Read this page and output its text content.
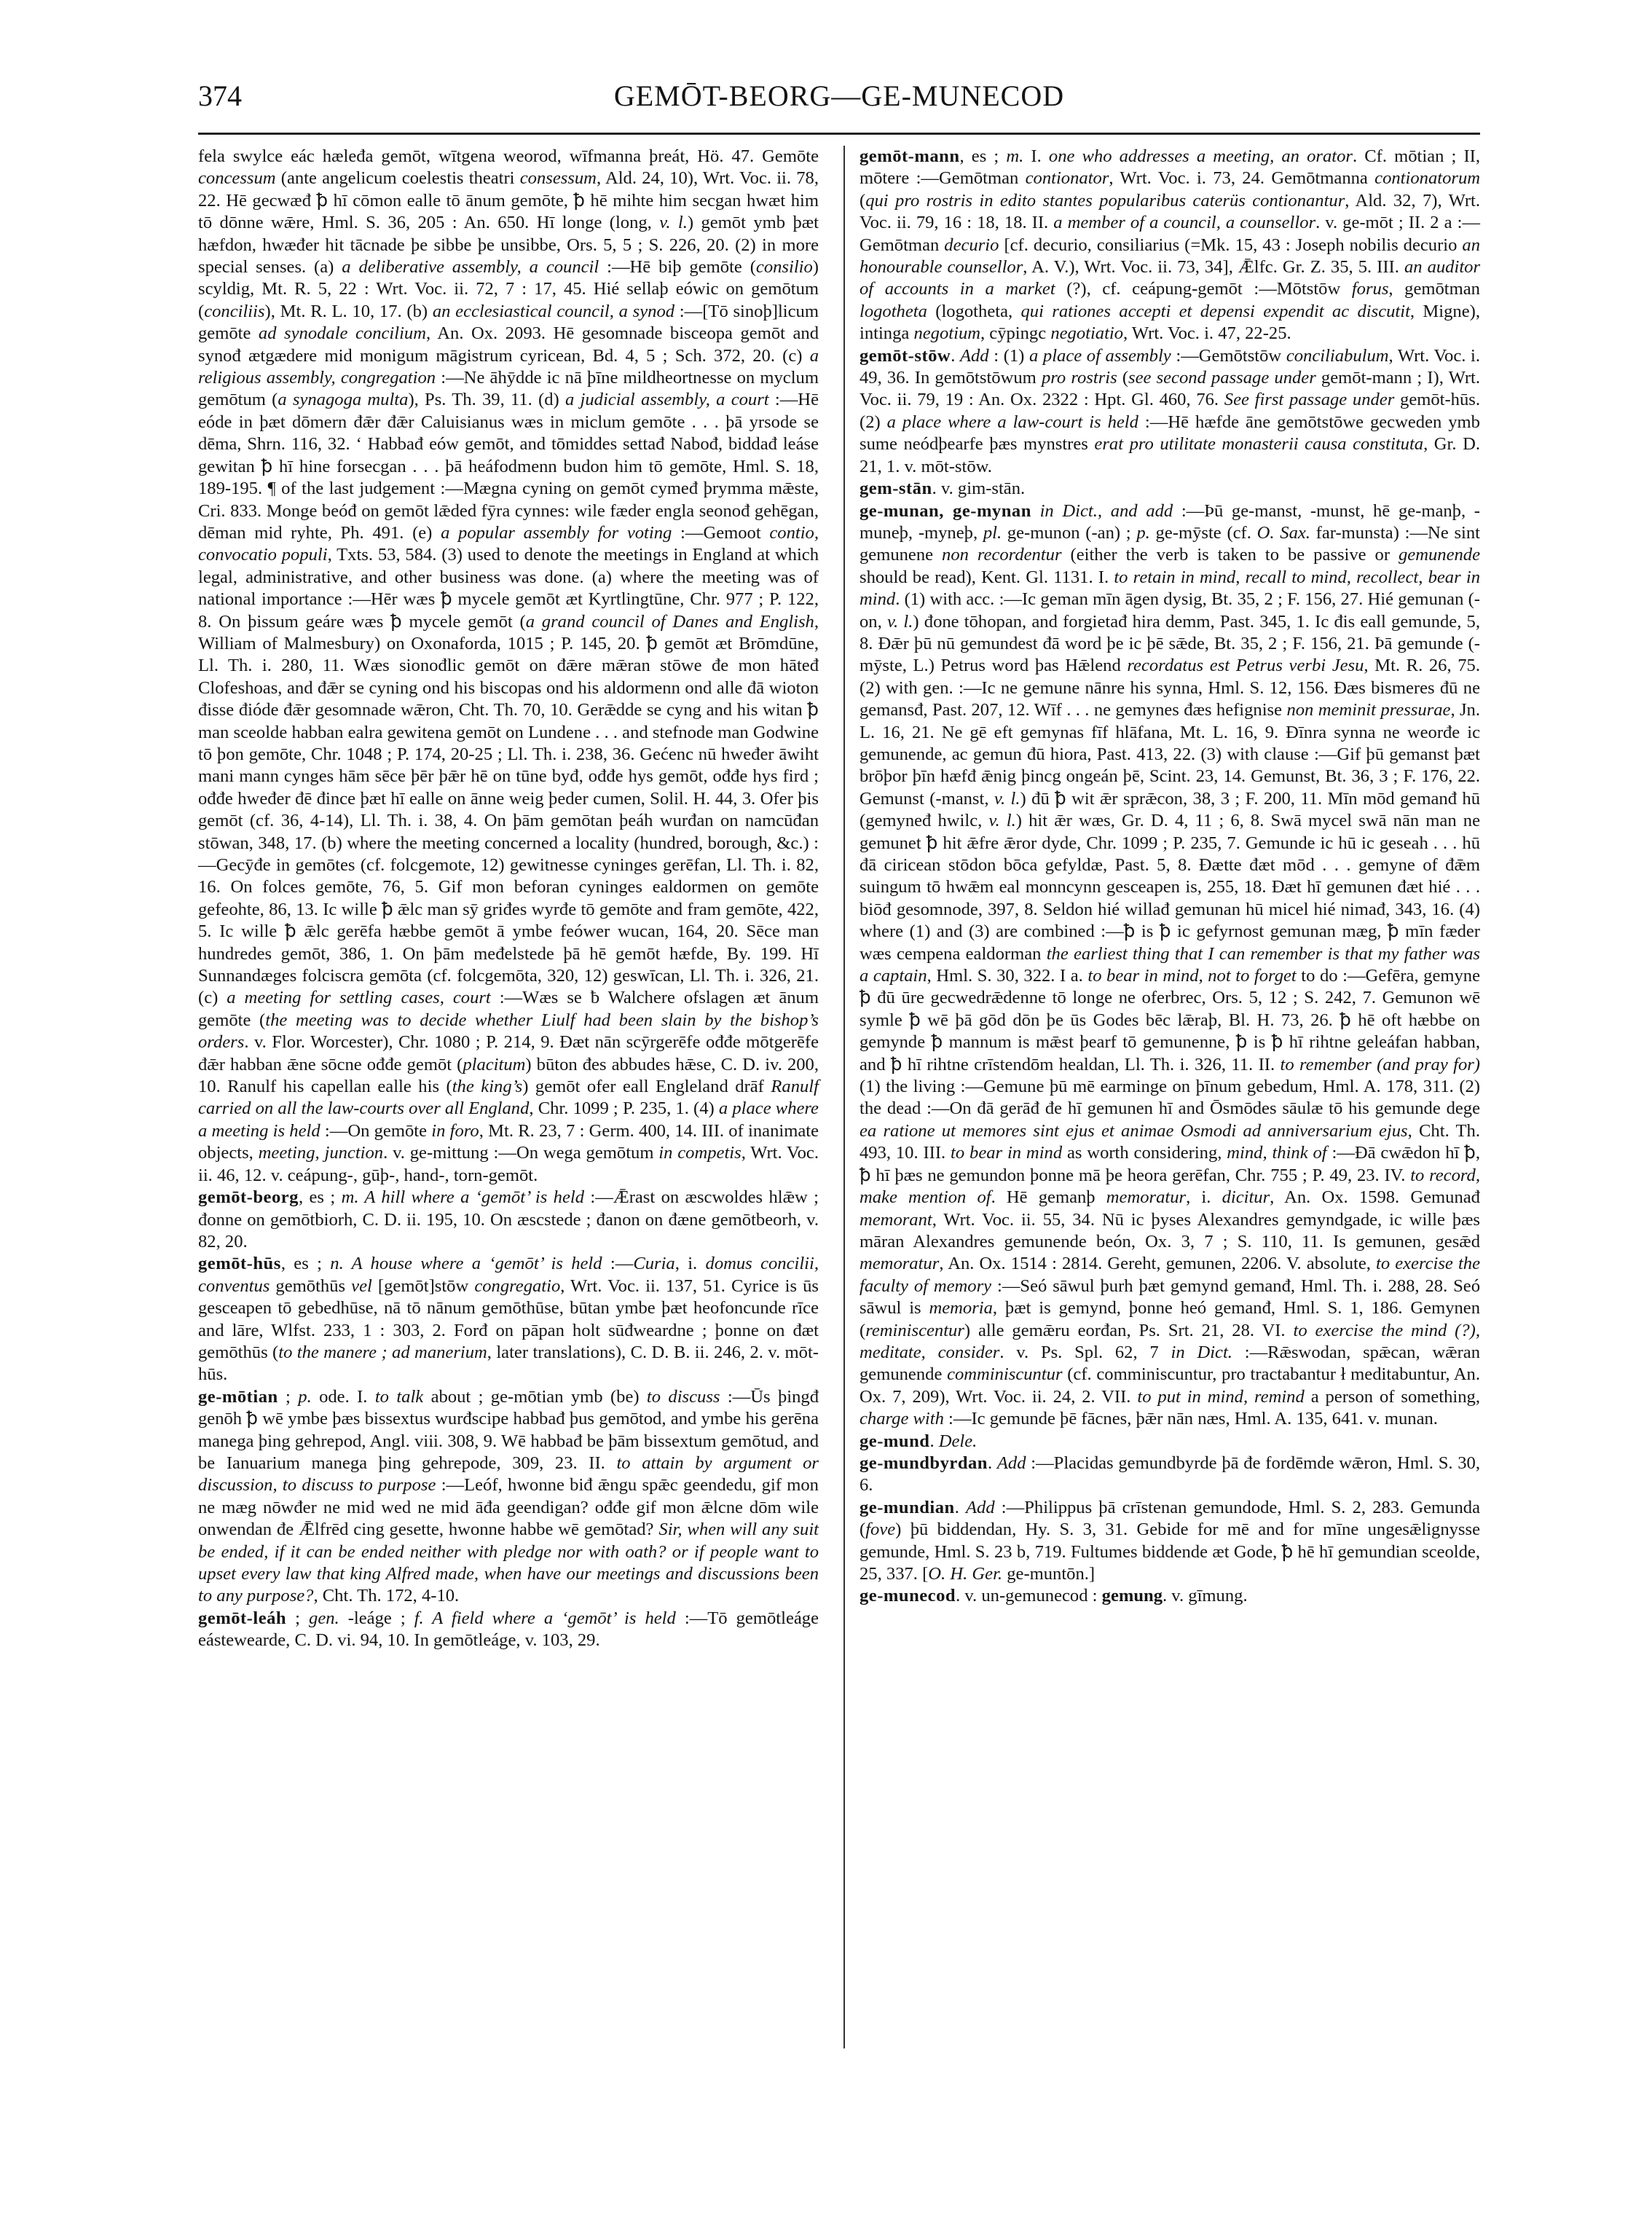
374	GEMŌT-BEORG—GE-MUNECOD
fela swylce eác hæleđa gemōt, wītgena weorod, wīfmanna þreát, Hö. 47. Gemōte concessum (ante angelicum coelestis theatri consessum, Ald. 24, 10), Wrt. Voc. ii. 78, 22. Hē gecwæđ ꝥ hī cōmon ealle tō ānum gemōte, ꝥ hē mihte him secgan hwæt him tō dōnne wǣre, Hml. S. 36, 205 : An. 650. Hī longe (long, v. l.) gemōt ymb þæt hæfdon, hwæđer hit tācnade þe sibbe þe unsibbe, Ors. 5, 5 ; S. 226, 20. (2) in more special senses. (a) a deliberative assembly, a council :—Hē biþ gemōte (consilio) scyldig, Mt. R. 5, 22 : Wrt. Voc. ii. 72, 7 : 17, 45. Hié sellaþ eówic on gemōtum (conciliis), Mt. R. L. 10, 17. (b) an ecclesiastical council, a synod :—[Tō sinoþ]licum gemōte ad synodale concilium, An. Ox. 2093. Hē gesomnade bisceopa gemōt and synođ ætgædere mid monigum māgistrum cyricean, Bd. 4, 5 ; Sch. 372, 20. (c) a religious assembly, congregation :—Ne āhȳdde ic nā þīne mildheortnesse on myclum gemōtum (a synagoga multa), Ps. Th. 39, 11. (d) a judicial assembly, a court :—Hē eóde in þæt dōmern đǣr đǣr Caluisianus wæs in miclum gemōte . . . þā yrsode se dēma, Shrn. 116, 32. ‘ Habbađ eów gemōt, and tōmiddes settađ Nabođ, biddađ leáse gewitan ꝥ hī hine forsecgan . . . þā heáfodmenn budon him tō gemōte, Hml. S. 18, 189-195. ¶ of the last judgement :—Mægna cyning on gemōt cymeđ þrymma mǣste, Cri. 833. Monge beóđ on gemōt lǣded fȳra cynnes: wile fæder engla seonođ gehēgan, dēman mid ryhte, Ph. 491. (e) a popular assembly for voting :—Gemoot contio, convocatio populi, Txts. 53, 584. (3) used to denote the meetings in England at which legal, administrative, and other business was done. (a) where the meeting was of national importance :—Hēr wæs ꝥ mycele gemōt æt Kyrtlingtūne, Chr. 977 ; P. 122, 8. On þissum geáre wæs ꝥ mycele gemōt (a grand council of Danes and English, William of Malmesbury) on Oxonaforda, 1015 ; P. 145, 20. ꝥ gemōt æt Brōmdūne, Ll. Th. i. 280, 11. Wæs sionođlic gemōt on đǣre mǣran stōwe đe mon hāteđ Clofeshoas, and đǣr se cyning ond his biscopas ond his aldormenn ond alle đā wioton đisse đióde đǣr gesomnade wǣron, Cht. Th. 70, 10. Gerǣdde se cyng and his witan ꝥ man sceolde habban ealra gewitena gemōt on Lundene . . . and stefnode man Godwine tō þon gemōte, Chr. 1048 ; P. 174, 20-25 ; Ll. Th. i. 238, 36. Gećenc nū hweđer āwiht mani mann cynges hām sēce þēr þǣr hē on tūne byđ, ođđe hys gemōt, ođđe hys fird ; ođđe hweđer đē đince þæt hī ealle on ānne weig þeder cumen, Solil. H. 44, 3. Ofer þis gemōt (cf. 36, 4-14), Ll. Th. i. 38, 4. On þām gemōtan þeáh wurđan on namcūđan stōwan, 348, 17. (b) where the meeting concerned a locality (hundred, borough, &c.) :—Gecȳđe in gemōtes (cf. folcgemote, 12) gewitnesse cyninges gerēfan, Ll. Th. i. 82, 16. On folces gemōte, 76, 5. Gif mon beforan cyninges ealdormen on gemōte gefeohte, 86, 13. Ic wille ꝥ ǣlc man sȳ griđes wyrđe tō gemōte and fram gemōte, 422, 5. Ic wille ꝥ ǣlc gerēfa hæbbe gemōt ā ymbe feówer wucan, 164, 20. Sēce man hundredes gemōt, 386, 1. On þām međelstede þā hē gemōt hæfde, By. 199. Hī Sunnandæges folciscra gemōta (cf. folcgemōta, 320, 12) geswīcan, Ll. Th. i. 326, 21. (c) a meeting for settling cases, court :—Wæs se ƀ Walchere ofslagen æt ānum gemōte (the meeting was to decide whether Liulf had been slain by the bishop’s orders. v. Flor. Worcester), Chr. 1080 ; P. 214, 9. Đæt nān scȳrgerēfe ođđe mōtgerēfe đǣr habban ǣne sōcne ođđe gemōt (placitum) būton đes abbudes hǣse, C. D. iv. 200, 10. Ranulf his capellan ealle his (the king’s) gemōt ofer eall Engleland drāf Ranulf carried on all the law-courts over all England, Chr. 1099 ; P. 235, 1. (4) a place where a meeting is held :—On gemōte in foro, Mt. R. 23, 7 : Germ. 400, 14. III. of inanimate objects, meeting, junction. v. ge-mittung :—On wega gemōtum in competis, Wrt. Voc. ii. 46, 12. v. ceápung-, gūþ-, hand-, torn-gemōt.
gemōt-beorg, es ; m. A hill where a ‘gemōt’ is held :—Ǣrast on æscwoldes hlǣw ; đonne on gemōtbiorh, C. D. ii. 195, 10. On æscstede ; đanon on đæne gemōtbeorh, v. 82, 20.
gemōt-hūs, es ; n. A house where a ‘gemōt’ is held :—Curia, i. domus concilii, conventus gemōthūs vel [gemōt]stōw congregatio, Wrt. Voc. ii. 137, 51. Cyrice is ūs gesceapen tō gebedhūse, nā tō nānum gemōthūse, būtan ymbe þæt heofoncunde rīce and lāre, Wlfst. 233, 1 : 303, 2. Forđ on pāpan holt sūđweardne ; þonne on đæt gemōthūs (to the manere ; ad manerium, later translations), C. D. B. ii. 246, 2. v. mōt-hūs.
ge-mōtian ; p. ode. I. to talk about ; ge-mōtian ymb (be) to discuss :—Ūs þingđ genōh ꝥ wē ymbe þæs bissextus wurđscipe habbađ þus gemōtod, and ymbe his gerēna manega þing gehrepod, Angl. viii. 308, 9. Wē habbađ be þām bissextum gemōtud, and be Ianuarium manega þing gehrepode, 309, 23. II. to attain by argument or discussion, to discuss to purpose :—Leóf, hwonne biđ ǣngu spǣc geendedu, gif mon ne mæg nōwđer ne mid wed ne mid āđa geendigan? ođđe gif mon ǣlcne dōm wile onwendan đe Ǣlfrēd cing gesette, hwonne habbe wē gemōtad? Sir, when will any suit be ended, if it can be ended neither with pledge nor with oath? or if people want to upset every law that king Alfred made, when have our meetings and discussions been to any purpose?, Cht. Th. 172, 4-10.
gemōt-leáh ; gen. -leáge ; f. A field where a ‘gemōt’ is held :—Tō gemōtleáge eástewearde, C. D. vi. 94, 10. In gemōtleáge, v. 103, 29.
gemōt-mann, es ; m. I. one who addresses a meeting, an orator. Cf. mōtian ; II, mōtere :—Gemōtman contionator, Wrt. Voc. i. 73, 24. Gemōtmanna contionatorum (qui pro rostris in edito stantes popularibus caterüs contionantur, Ald. 32, 7), Wrt. Voc. ii. 79, 16 : 18, 18. II. a member of a council, a counsellor. v. ge-mōt ; II. 2 a :—Gemōtman decurio [cf. decurio, consiliarius (=Mk. 15, 43 : Joseph nobilis decurio an honourable counsellor, A. V.), Wrt. Voc. ii. 73, 34], Ǣlfc. Gr. Z. 35, 5. III. an auditor of accounts in a market (?), cf. ceápung-gemōt :—Mōtstōw forus, gemōtman logotheta (logotheta, qui rationes accepti et depensi expendit ac discutit, Migne), intinga negotium, cȳpingc negotiatio, Wrt. Voc. i. 47, 22-25.
gemōt-stōw. Add : (1) a place of assembly :—Gemōtstōw conciliabulum, Wrt. Voc. i. 49, 36. In gemōtstōwum pro rostris (see second passage under gemōt-mann ; I), Wrt. Voc. ii. 79, 19 : An. Ox. 2322 : Hpt. Gl. 460, 76. See first passage under gemōt-hūs. (2) a place where a law-court is held :—Hē hæfde āne gemōtstōwe gecweden ymb sume neódþearfe þæs mynstres erat pro utilitate monasterii causa constituta, Gr. D. 21, 1. v. mōt-stōw.
gem-stān. v. gim-stān.
ge-munan, ge-mynan in Dict., and add :—Þū ge-manst, -munst, hē ge-manþ, -muneþ, -myneþ, pl. ge-munon (-an) ; p. ge-mȳste (cf. O. Sax. far-munsta) :—Ne sint gemunene non recordentur (either the verb is taken to be passive or gemunende should be read), Kent. Gl. 1131. I. to retain in mind, recall to mind, recollect, bear in mind. (1) with acc. :—Ic geman mīn āgen dysig, Bt. 35, 2 ; F. 156, 27. Hié gemunan (-on, v. l.) đone tōhopan, and forgietađ hira demm, Past. 345, 1. Ic đis eall gemunde, 5, 8. Đǣr þū nū gemundest đā word þe ic þē sǣde, Bt. 35, 2 ; F. 156, 21. Þā gemunde (-mȳste, L.) Petrus word þas Hǣlend recordatus est Petrus verbi Jesu, Mt. R. 26, 75. (2) with gen. :—Ic ne gemune nānre his synna, Hml. S. 12, 156. Đæs bismeres đū ne gemansđ, Past. 207, 12. Wīf . . . ne gemynes đæs hefignise non meminit pressurae, Jn. L. 16, 21. Ne gē eft gemynas fīf hlāfana, Mt. L. 16, 9. Đīnra synna ne weorđe ic gemunende, ac gemun đū hiora, Past. 413, 22. (3) with clause :—Gif þū gemanst þæt brōþor þīn hæfđ ǣnig þincg ongeán þē, Scint. 23, 14. Gemunst, Bt. 36, 3 ; F. 176, 22. Gemunst (-manst, v. l.) đū ꝥ wit ǣr sprǣcon, 38, 3 ; F. 200, 11. Mīn mōd gemanđ hū (gemyneđ hwilc, v. l.) hit ǣr wæs, Gr. D. 4, 11 ; 6, 8. Swā mycel swā nān man ne gemunet ꝥ hit ǣfre ǣror dyde, Chr. 1099 ; P. 235, 7. Gemunde ic hū ic geseah . . . hū đā ciricean stōdon bōca gefyldæ, Past. 5, 8. Đætte đæt mōd . . . gemyne of đǣm suingum tō hwǣm eal monncynn gesceapen is, 255, 18. Đæt hī gemunen đæt hié . . . biōđ gesomnode, 397, 8. Seldon hié willađ gemunan hū micel hié nimađ, 343, 16. (4) where (1) and (3) are combined :—ꝥ is ꝥ ic gefyrnost gemunan mæg, ꝥ mīn fæder wæs cempena ealdorman the earliest thing that I can remember is that my father was a captain, Hml. S. 30, 322. I a. to bear in mind, not to forget to do :—Gefēra, gemyne ꝥ đū ūre gecwedrǣdenne tō longe ne oferbrec, Ors. 5, 12 ; S. 242, 7. Gemunon wē symle ꝥ wē þā gōd dōn þe ūs Godes bēc lǣraþ, Bl. H. 73, 26. ꝥ hē oft hæbbe on gemynde ꝥ mannum is mǣst þearf tō gemunenne, ꝥ is ꝥ hī rihtne geleáfan habban, and ꝥ hī rihtne crīstendōm healdan, Ll. Th. i. 326, 11. II. to remember (and pray for) (1) the living :—Gemune þū mē earminge on þīnum gebedum, Hml. A. 178, 311. (2) the dead :—On đā gerāđ đe hī gemunen hī and Ōsmōdes sāulæ tō his gemunde dege ea ratione ut memores sint ejus et animae Osmodi ad anniversarium ejus, Cht. Th. 493, 10. III. to bear in mind as worth considering, mind, think of :—Đā cwǣdon hī ꝥ, ꝥ hī þæs ne gemundon þonne mā þe heora gerēfan, Chr. 755 ; P. 49, 23. IV. to record, make mention of. Hē gemanþ memoratur, i. dicitur, An. Ox. 1598. Gemunađ memorant, Wrt. Voc. ii. 55, 34. Nū ic þyses Alexandres gemyndgade, ic wille þæs māran Alexandres gemunende beón, Ox. 3, 7 ; S. 110, 11. Is gemunen, gesǣd memoratur, An. Ox. 1514 : 2814. Gereht, gemunen, 2206. V. absolute, to exercise the faculty of memory :—Seó sāwul þurh þæt gemynd gemanđ, Hml. Th. i. 288, 28. Seó sāwul is memoria, þæt is gemynd, þonne heó gemanđ, Hml. S. 1, 186. Gemynen (reminiscentur) alle gemǣru eorđan, Ps. Srt. 21, 28. VI. to exercise the mind (?), meditate, consider. v. Ps. Spl. 62, 7 in Dict. :—Rǣswodan, spǣcan, wǣran gemunende comminiscuntur (cf. comminiscuntur, pro tractabantur ł meditabuntur, An. Ox. 7, 209), Wrt. Voc. ii. 24, 2. VII. to put in mind, remind a person of something, charge with :—Ic gemunde þē fācnes, þǣr nān næs, Hml. A. 135, 641. v. munan.
ge-mund. Dele.
ge-mundbyrdan. Add :—Placidas gemundbyrde þā đe fordēmde wǣron, Hml. S. 30, 6.
ge-mundian. Add :—Philippus þā crīstenan gemundode, Hml. S. 2, 283. Gemunda (fove) þū biddendan, Hy. S. 3, 31. Gebide for mē and for mīne ungesǣlignysse gemunde, Hml. S. 23 b, 719. Fultumes biddende æt Gode, ꝥ hē hī gemundian sceolde, 25, 337. [O. H. Ger. ge-muntōn.]
ge-munecod. v. un-gemunecod : gemung. v. gīmung.
